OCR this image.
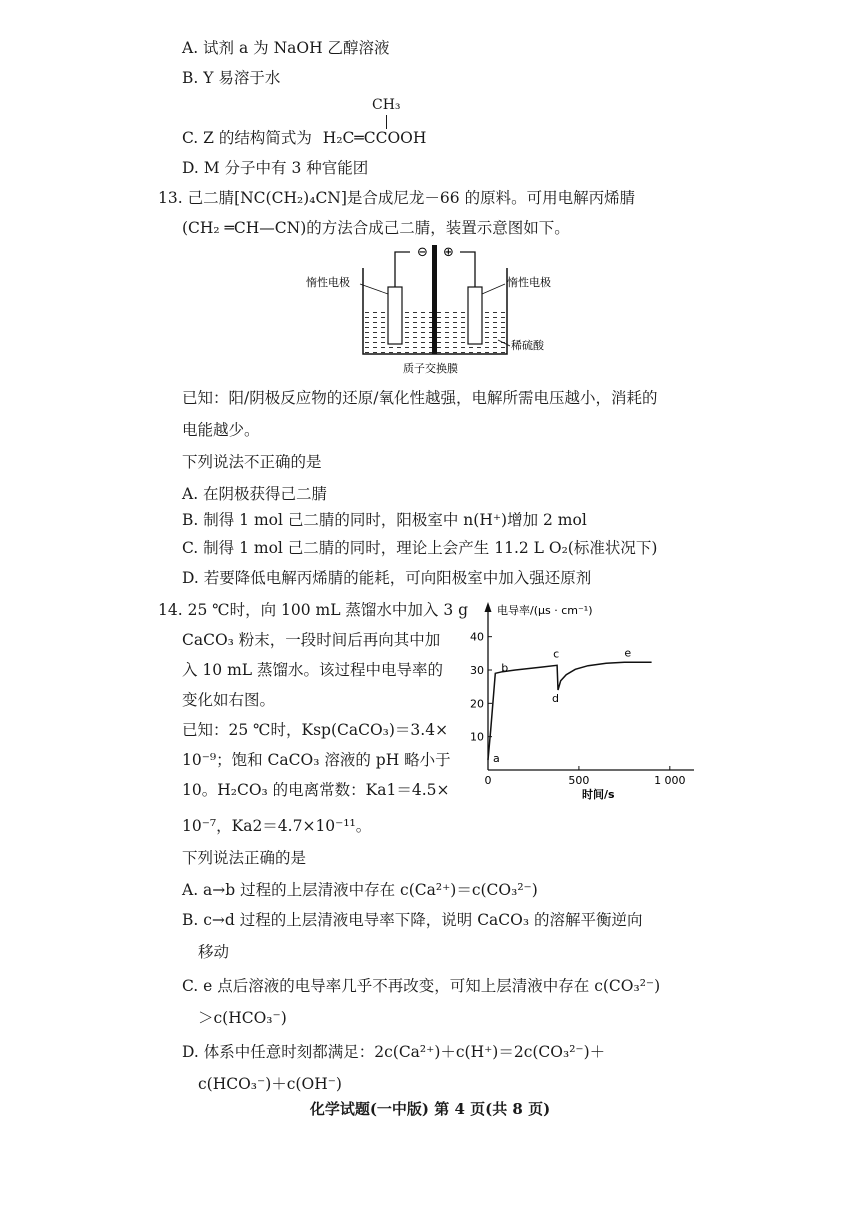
A. 试剂 a 为 NaOH 乙醇溶液
B. Y 易溶于水
CH₃
C. Z 的结构简式为 H₂C═CCOOH
D. M 分子中有 3 种官能团
13. 己二腈[NC(CH₂)₄CN]是合成尼龙－66 的原料。可用电解丙烯腈
(CH₂ ═CH—CN)的方法合成己二腈，装置示意图如下。
⊖ ⊕
惰性电极	惰性电极
稀硫酸
质子交换膜
已知：阳/阴极反应物的还原/氧化性越强，电解所需电压越小，消耗的
电能越少。
下列说法不正确的是
A. 在阴极获得己二腈
B. 制得 1 mol 己二腈的同时，阳极室中 n(H⁺)增加 2 mol
C. 制得 1 mol 己二腈的同时，理论上会产生 11.2 L O₂(标准状况下)
D. 若要降低电解丙烯腈的能耗，可向阳极室中加入强还原剂
14. 25 ℃时，向 100 mL 蒸馏水中加入 3 g
CaCO₃ 粉末，一段时间后再向其中加
入 10 mL 蒸馏水。该过程中电导率的
变化如右图。
已知：25 ℃时，Ksp(CaCO₃)＝3.4×
10⁻⁹；饱和 CaCO₃ 溶液的 pH 略小于
10。H₂CO₃ 的电离常数：Ka1＝4.5×
10⁻⁷，Ka2＝4.7×10⁻¹¹。
10
20
30
40
0	500	1 000
a
b
c
d
e
电导率/(μs · cm⁻¹)
时间/s
下列说法正确的是
A. a→b 过程的上层清液中存在 c(Ca²⁺)＝c(CO₃²⁻)
B. c→d 过程的上层清液电导率下降，说明 CaCO₃ 的溶解平衡逆向
移动
C. e 点后溶液的电导率几乎不再改变，可知上层清液中存在 c(CO₃²⁻)
＞c(HCO₃⁻)
D. 体系中任意时刻都满足：2c(Ca²⁺)＋c(H⁺)＝2c(CO₃²⁻)＋
c(HCO₃⁻)＋c(OH⁻)
化学试题(一中版) 第 4 页(共 8 页)
